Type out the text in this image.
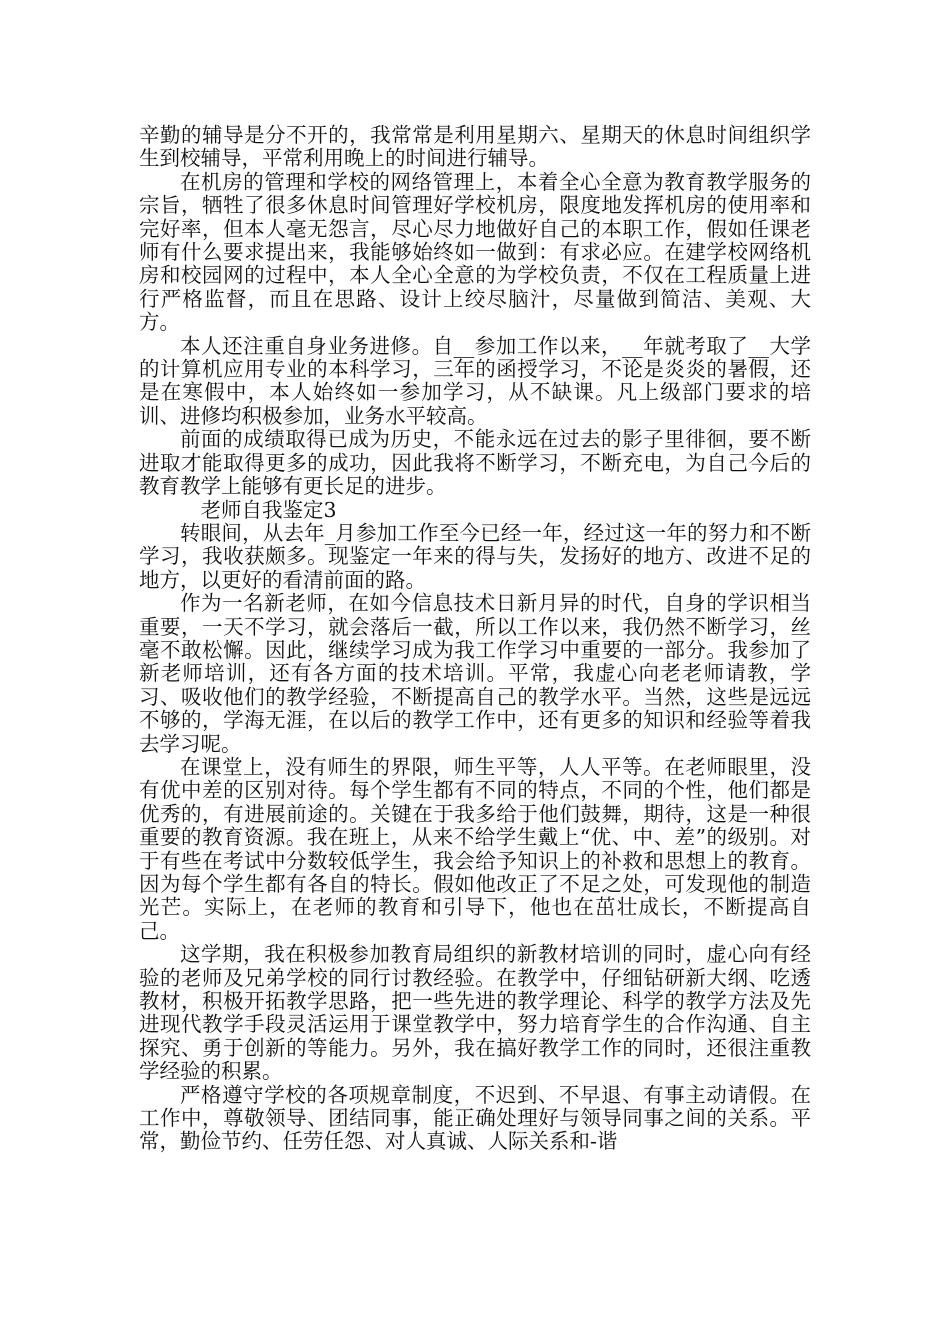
辛勤的辅导是分不开的，我常常是利用星期六、星期天的休息时间组织学生到校辅导，平常利用晚上的时间进行辅导。

在机房的管理和学校的网络管理上，本着全心全意为教育教学服务的宗旨，牺牲了很多休息时间管理好学校机房，限度地发挥机房的使用率和完好率，但本人毫无怨言，尽心尽力地做好自己的本职工作，假如任课老师有什么要求提出来，我能够始终如一做到：有求必应。在建学校网络机房和校园网的过程中，本人全心全意的为学校负责，不仅在工程质量上进行严格监督，而且在思路、设计上绞尽脑汁，尽量做到简洁、美观、大方。

本人还注重自身业务进修。自__参加工作以来，__年就考取了__大学的计算机应用专业的本科学习，三年的函授学习，不论是炎炎的暑假，还是在寒假中，本人始终如一参加学习，从不缺课。凡上级部门要求的培训、进修均积极参加，业务水平较高。

前面的成绩取得已成为历史，不能永远在过去的影子里徘徊，要不断进取才能取得更多的成功，因此我将不断学习，不断充电，为自己今后的教育教学上能够有更长足的进步。

老师自我鉴定3

转眼间，从去年_月参加工作至今已经一年，经过这一年的努力和不断学习，我收获颇多。现鉴定一年来的得与失，发扬好的地方、改进不足的地方，以更好的看清前面的路。

作为一名新老师，在如今信息技术日新月异的时代，自身的学识相当重要，一天不学习，就会落后一截，所以工作以来，我仍然不断学习，丝毫不敢松懈。因此，继续学习成为我工作学习中重要的一部分。我参加了新老师培训，还有各方面的技术培训。平常，我虚心向老老师请教，学习、吸收他们的教学经验，不断提高自己的教学水平。当然，这些是远远不够的，学海无涯，在以后的教学工作中，还有更多的知识和经验等着我去学习呢。

在课堂上，没有师生的界限，师生平等，人人平等。在老师眼里，没有优中差的区别对待。每个学生都有不同的特点，不同的个性，他们都是优秀的，有进展前途的。关键在于我多给于他们鼓舞，期待，这是一种很重要的教育资源。我在班上，从来不给学生戴上“优、中、差”的级别。对于有些在考试中分数较低学生，我会给予知识上的补救和思想上的教育。因为每个学生都有各自的特长。假如他改正了不足之处，可发现他的制造光芒。实际上，在老师的教育和引导下，他也在茁壮成长，不断提高自己。

这学期，我在积极参加教育局组织的新教材培训的同时，虚心向有经验的老师及兄弟学校的同行讨教经验。在教学中，仔细钻研新大纲、吃透教材，积极开拓教学思路，把一些先进的教学理论、科学的教学方法及先进现代教学手段灵活运用于课堂教学中，努力培育学生的合作沟通、自主探究、勇于创新的等能力。另外，我在搞好教学工作的同时，还很注重教学经验的积累。

严格遵守学校的各项规章制度，不迟到、不早退、有事主动请假。在工作中，尊敬领导、团结同事，能正确处理好与领导同事之间的关系。平常，勤俭节约、任劳任怨、对人真诚、人际关系和-谐
